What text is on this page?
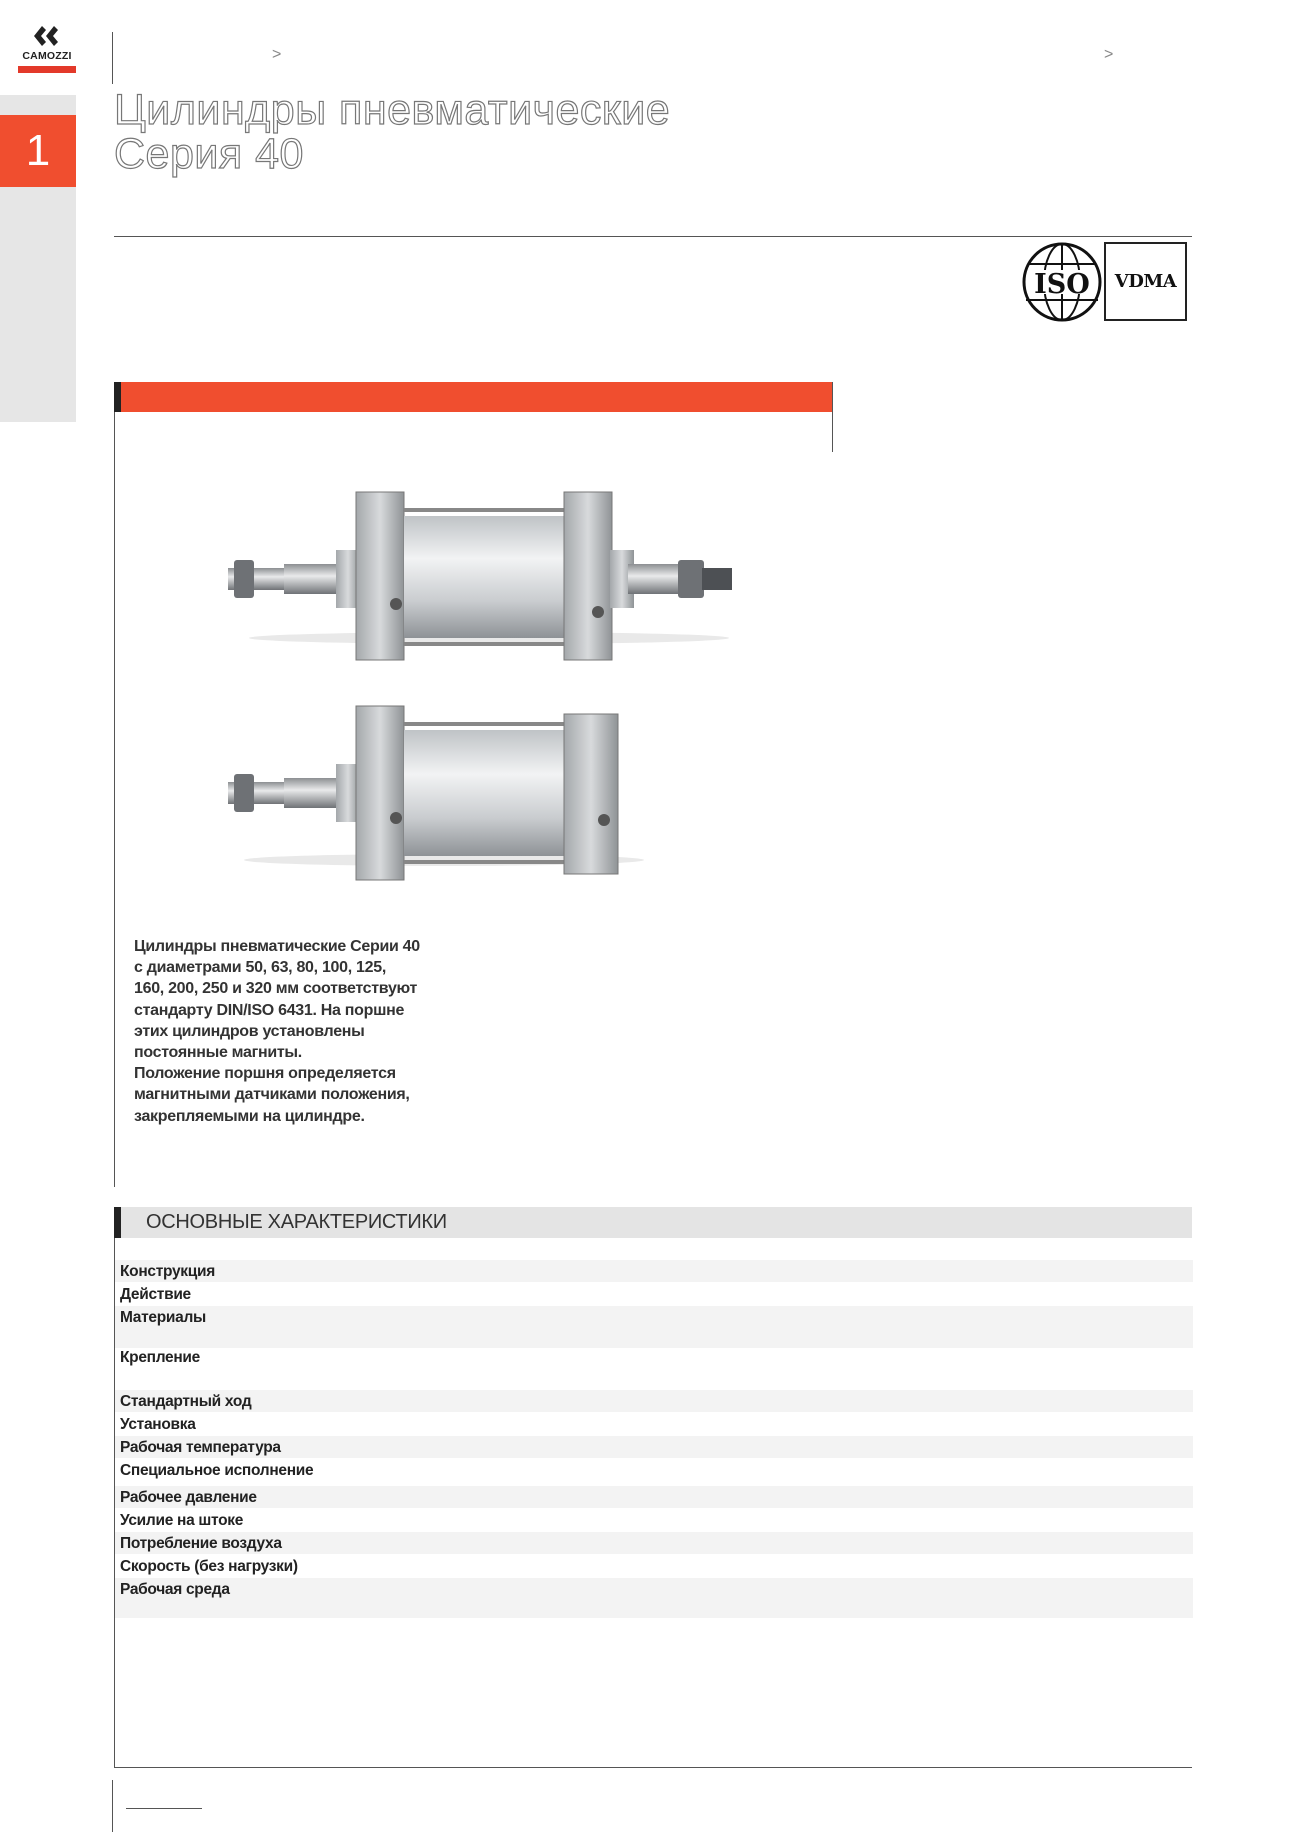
CAMOZZI
1
>	>
Цилиндры пневматические
Серия 40
ISO	VDMA
Цилиндры пневматические Серии 40
с диаметрами 50, 63, 80, 100, 125,
160, 200, 250 и 320 мм соответствуют
стандарту DIN/ISO 6431. На поршне
этих цилиндров установлены
постоянные магниты.
Положение поршня определяется
магнитными датчиками положения,
закрепляемыми на цилиндре.
ОСНОВНЫЕ ХАРАКТЕРИСТИКИ
Конструкция
Действие
Материалы
Крепление
Стандартный ход
Установка
Рабочая температура
Специальное исполнение
Рабочее давление
Усилие на штоке
Потребление воздуха
Скорость (без нагрузки)
Рабочая среда
